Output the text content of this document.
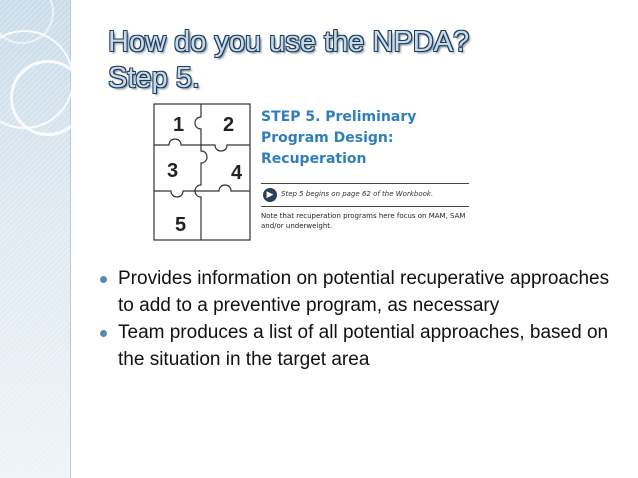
How do you use the NPDA?
Step 5.
1 2
3	4
5
STEP 5. Preliminary
Program Design:
Recuperation
▶	Step 5 begins on page 62 of the Workbook.
Note that recuperation programs here focus on MAM, SAM and/or underweight.
Provides information on potential recuperative approaches to add to a preventive program, as necessary
Team produces a list of all potential approaches, based on the situation in the target area
